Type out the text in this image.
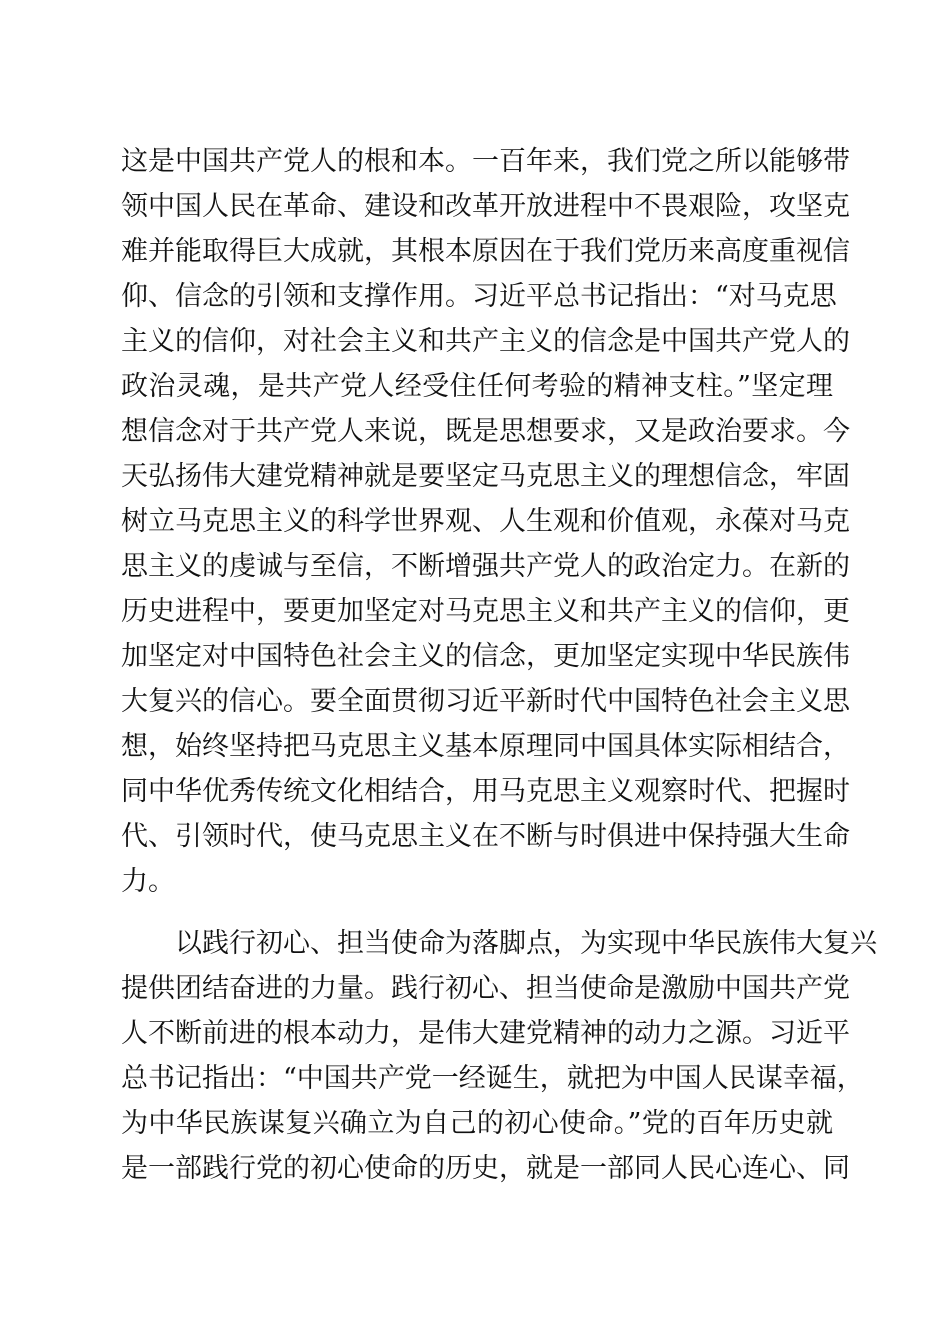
这是中国共产党人的根和本。一百年来，我们党之所以能够带
领中国人民在革命、建设和改革开放进程中不畏艰险，攻坚克
难并能取得巨大成就，其根本原因在于我们党历来高度重视信
仰、信念的引领和支撑作用。习近平总书记指出：“对马克思
主义的信仰，对社会主义和共产主义的信念是中国共产党人的
政治灵魂，是共产党人经受住任何考验的精神支柱。”坚定理
想信念对于共产党人来说，既是思想要求，又是政治要求。今
天弘扬伟大建党精神就是要坚定马克思主义的理想信念，牢固
树立马克思主义的科学世界观、人生观和价值观，永葆对马克
思主义的虔诚与至信，不断增强共产党人的政治定力。在新的
历史进程中，要更加坚定对马克思主义和共产主义的信仰，更
加坚定对中国特色社会主义的信念，更加坚定实现中华民族伟
大复兴的信心。要全面贯彻习近平新时代中国特色社会主义思
想，始终坚持把马克思主义基本原理同中国具体实际相结合，
同中华优秀传统文化相结合，用马克思主义观察时代、把握时
代、引领时代，使马克思主义在不断与时俱进中保持强大生命
力。
以践行初心、担当使命为落脚点，为实现中华民族伟大复兴
提供团结奋进的力量。践行初心、担当使命是激励中国共产党
人不断前进的根本动力，是伟大建党精神的动力之源。习近平
总书记指出：“中国共产党一经诞生，就把为中国人民谋幸福，
为中华民族谋复兴确立为自己的初心使命。”党的百年历史就
是一部践行党的初心使命的历史，就是一部同人民心连心、同
